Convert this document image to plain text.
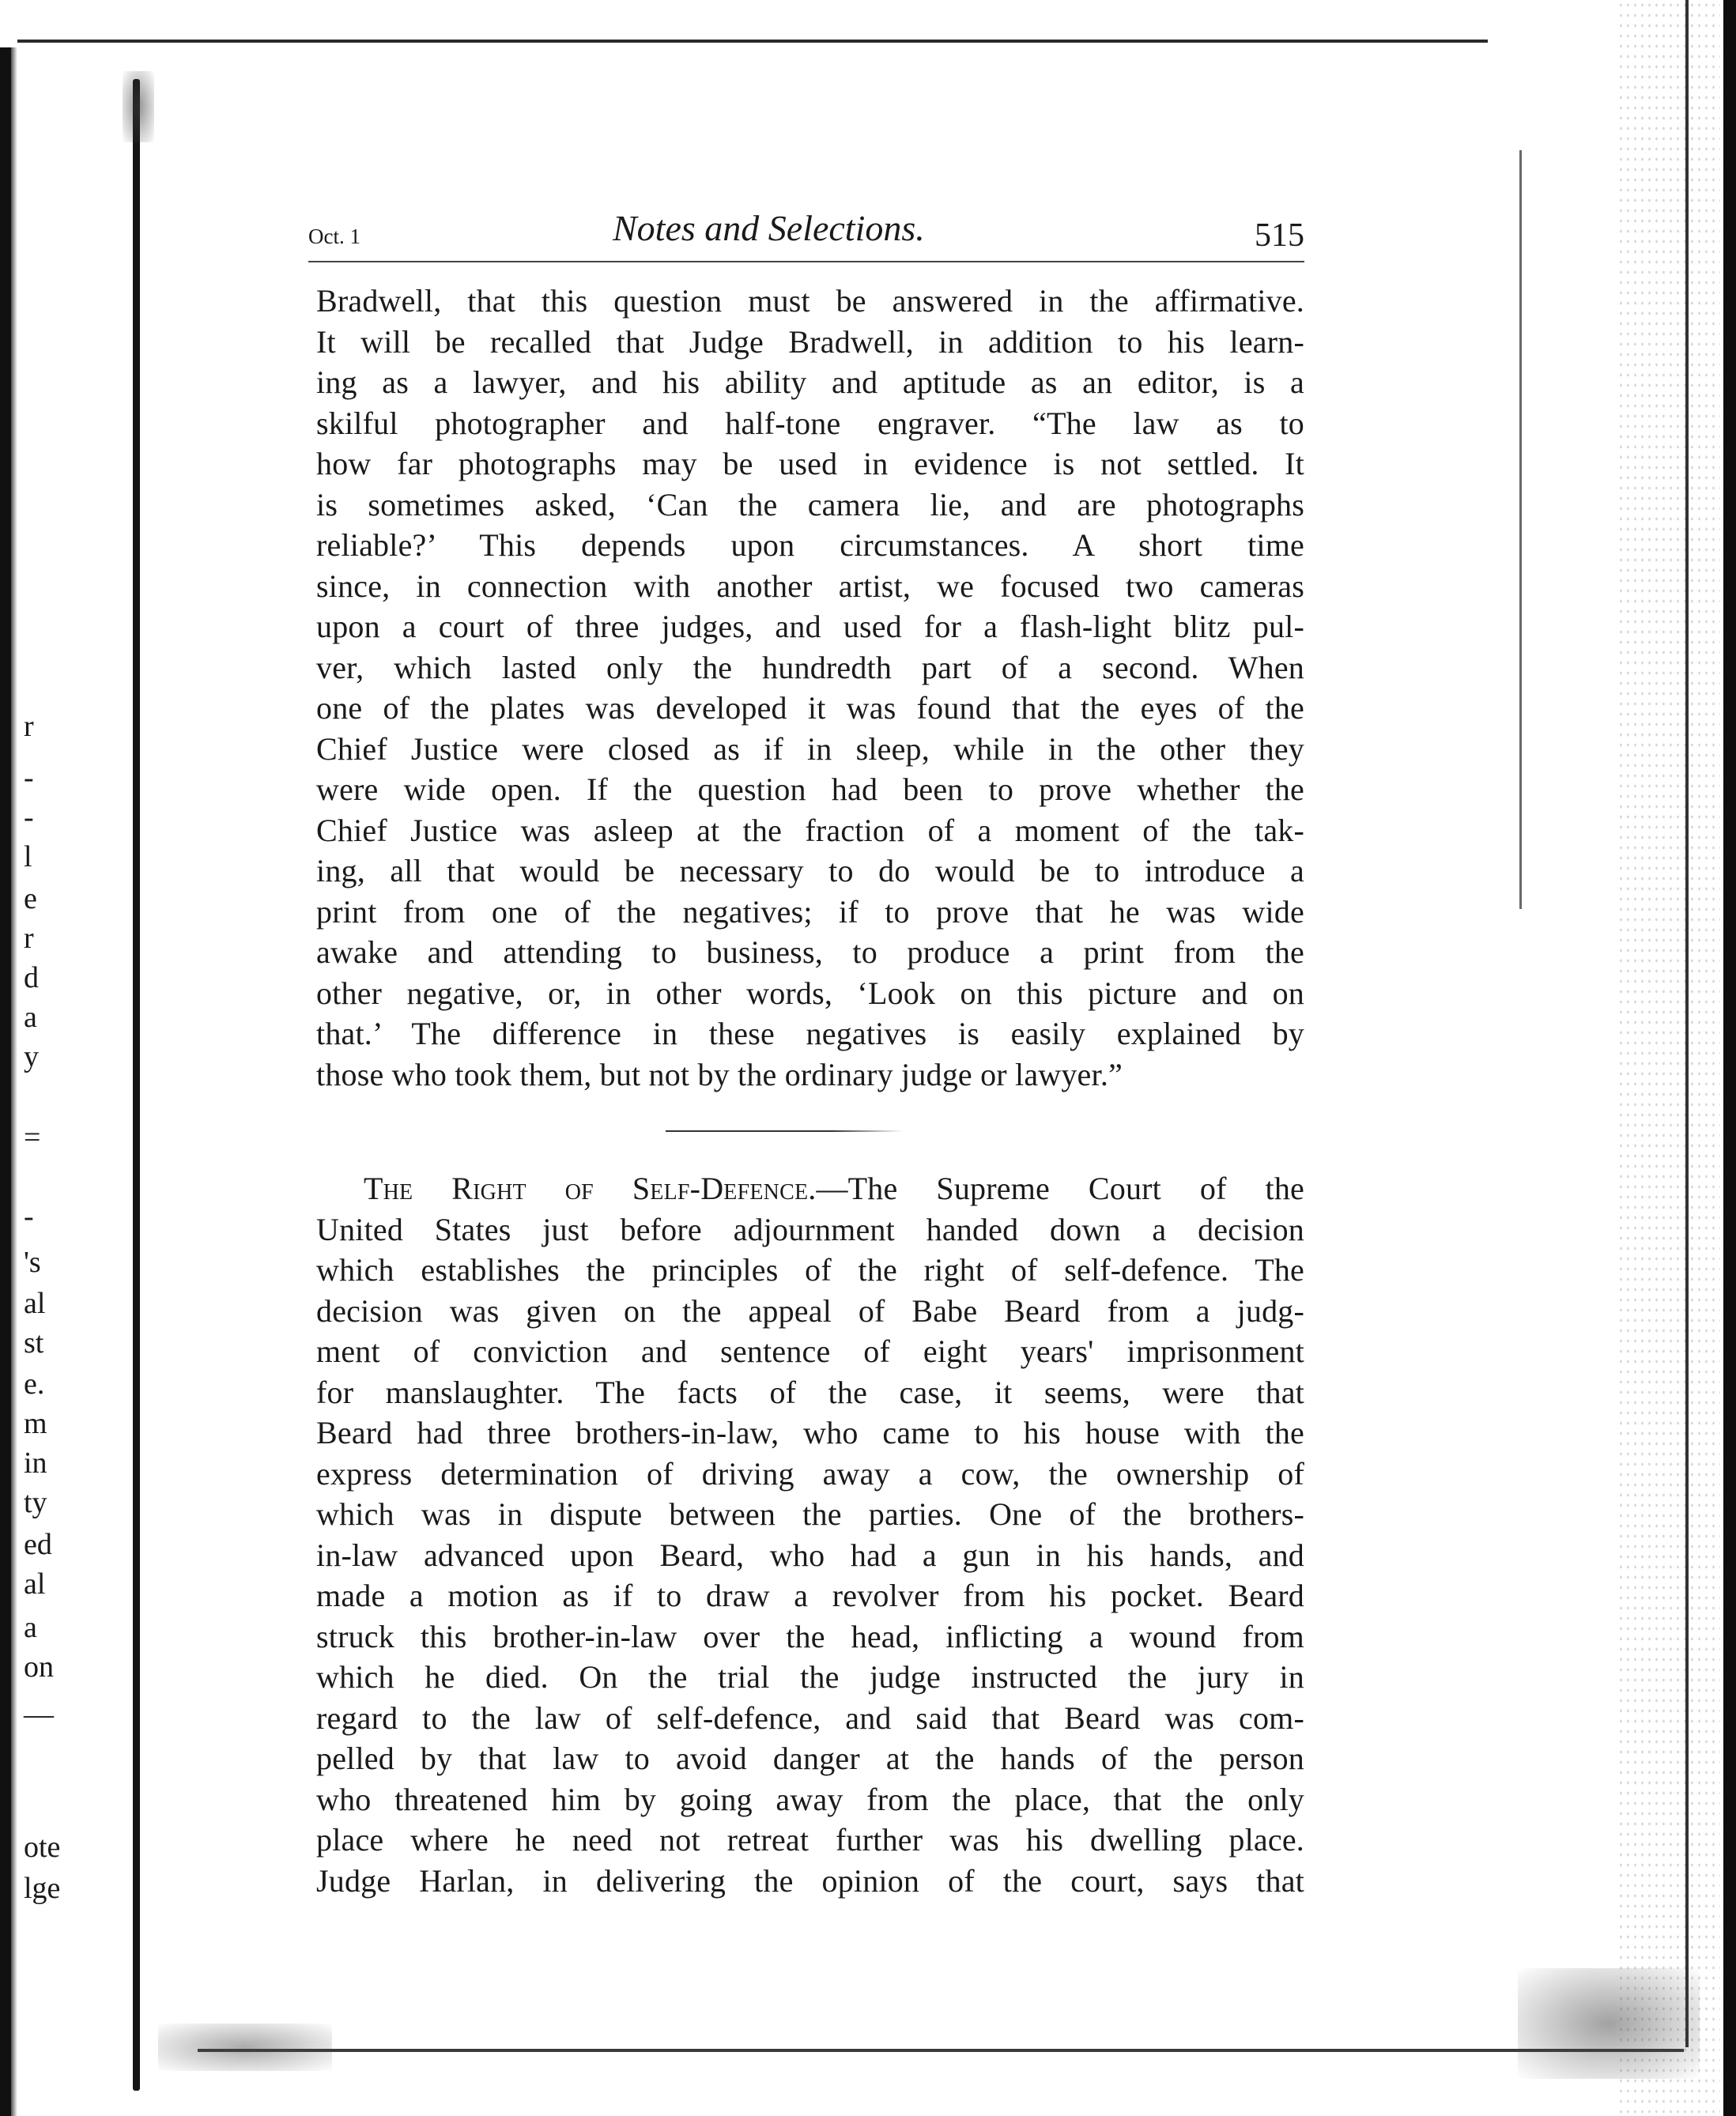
r
-
-
l
e
r
d
a
y
=
-
's
al
st
e.
m
in
ty
ed
al
a
on
—
ote
lge
Oct. 1	Notes and Selections.	515
Bradwell, that this question must be answered in the affirmative.
It will be recalled that Judge Bradwell, in addition to his learn-
ing as a lawyer, and his ability and aptitude as an editor, is a
skilful photographer and half-tone engraver. “The law as to
how far photographs may be used in evidence is not settled. It
is sometimes asked, ‘Can the camera lie, and are photographs
reliable?’ This depends upon circumstances. A short time
since, in connection with another artist, we focused two cameras
upon a court of three judges, and used for a flash-light blitz pul-
ver, which lasted only the hundredth part of a second. When
one of the plates was developed it was found that the eyes of the
Chief Justice were closed as if in sleep, while in the other they
were wide open. If the question had been to prove whether the
Chief Justice was asleep at the fraction of a moment of the tak-
ing, all that would be necessary to do would be to introduce a
print from one of the negatives; if to prove that he was wide
awake and attending to business, to produce a print from the
other negative, or, in other words, ‘Look on this picture and on
that.’ The difference in these negatives is easily explained by
those who took them, but not by the ordinary judge or lawyer.”
The Right of Self-Defence.—The Supreme Court of the
United States just before adjournment handed down a decision
which establishes the principles of the right of self-defence. The
decision was given on the appeal of Babe Beard from a judg-
ment of conviction and sentence of eight years' imprisonment
for manslaughter. The facts of the case, it seems, were that
Beard had three brothers-in-law, who came to his house with the
express determination of driving away a cow, the ownership of
which was in dispute between the parties. One of the brothers-
in-law advanced upon Beard, who had a gun in his hands, and
made a motion as if to draw a revolver from his pocket. Beard
struck this brother-in-law over the head, inflicting a wound from
which he died. On the trial the judge instructed the jury in
regard to the law of self-defence, and said that Beard was com-
pelled by that law to avoid danger at the hands of the person
who threatened him by going away from the place, that the only
place where he need not retreat further was his dwelling place.
Judge Harlan, in delivering the opinion of the court, says that
